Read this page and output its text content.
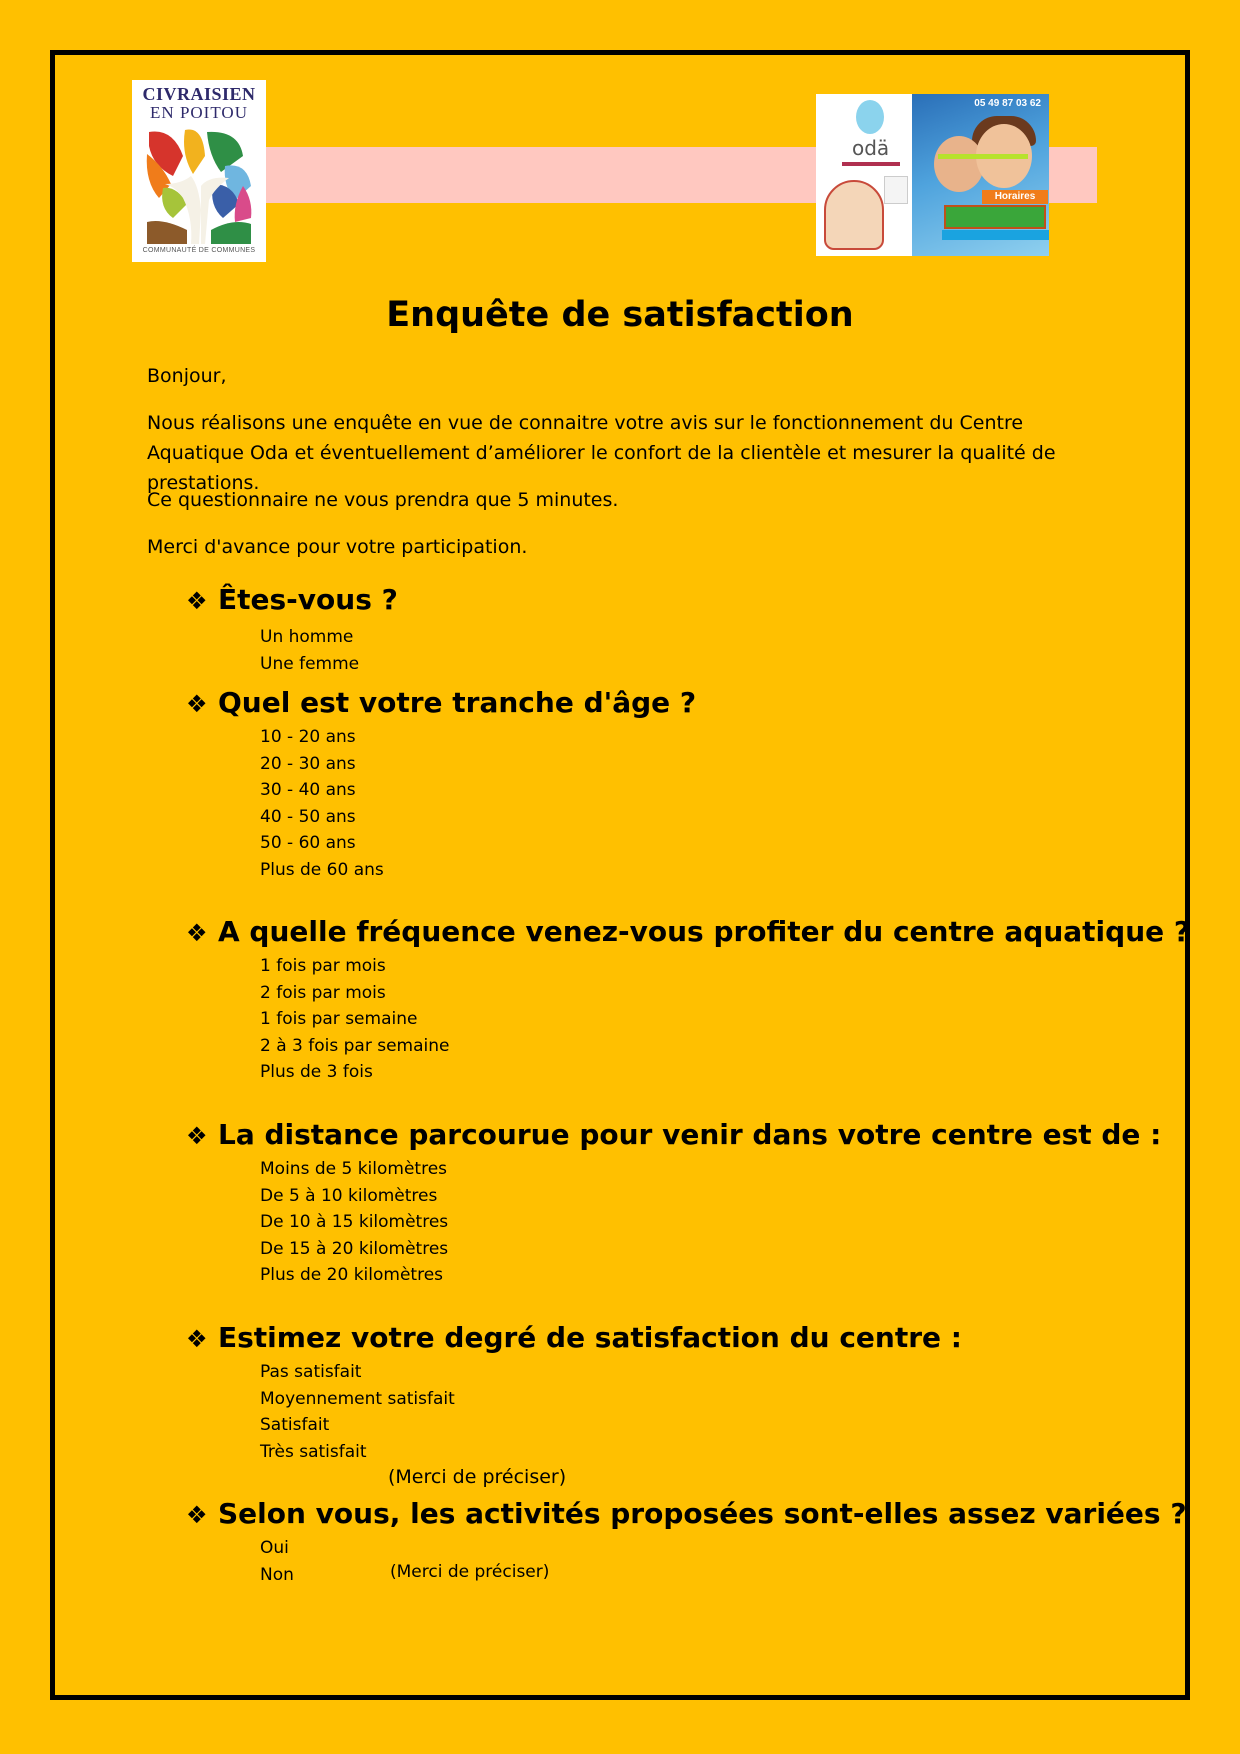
CIVRAISIEN
EN POITOU
COMMUNAUTÉ DE COMMUNES
odä
05 49 87 03 62
Horaires
Enquête de satisfaction

Bonjour,

Nous réalisons une enquête en vue de connaitre votre avis sur le fonctionnement du Centre Aquatique Oda et éventuellement d’améliorer le confort de la clientèle et mesurer la qualité de prestations.

Ce questionnaire ne vous prendra que 5 minutes.

Merci d'avance pour votre participation.

❖ Êtes-vous ?
Un homme
Une femme
❖ Quel est votre tranche d'âge ?
10 - 20 ans
20 - 30 ans
30 - 40 ans
40 - 50 ans
50 - 60 ans
Plus de 60 ans
❖ A quelle fréquence venez-vous profiter du centre aquatique ?
1 fois par mois
2 fois par mois
1 fois par semaine
2 à 3 fois par semaine
Plus de 3 fois
❖ La distance parcourue pour venir dans votre centre est de :
Moins de 5 kilomètres
De 5 à 10 kilomètres
De 10 à 15 kilomètres
De 15 à 20 kilomètres
Plus de 20 kilomètres
❖ Estimez votre degré de satisfaction du centre :
Pas satisfait
Moyennement satisfait
Satisfait
Très satisfait
(Merci de préciser)
❖ Selon vous, les activités proposées sont-elles assez variées ?
Oui
Non	(Merci de préciser)
